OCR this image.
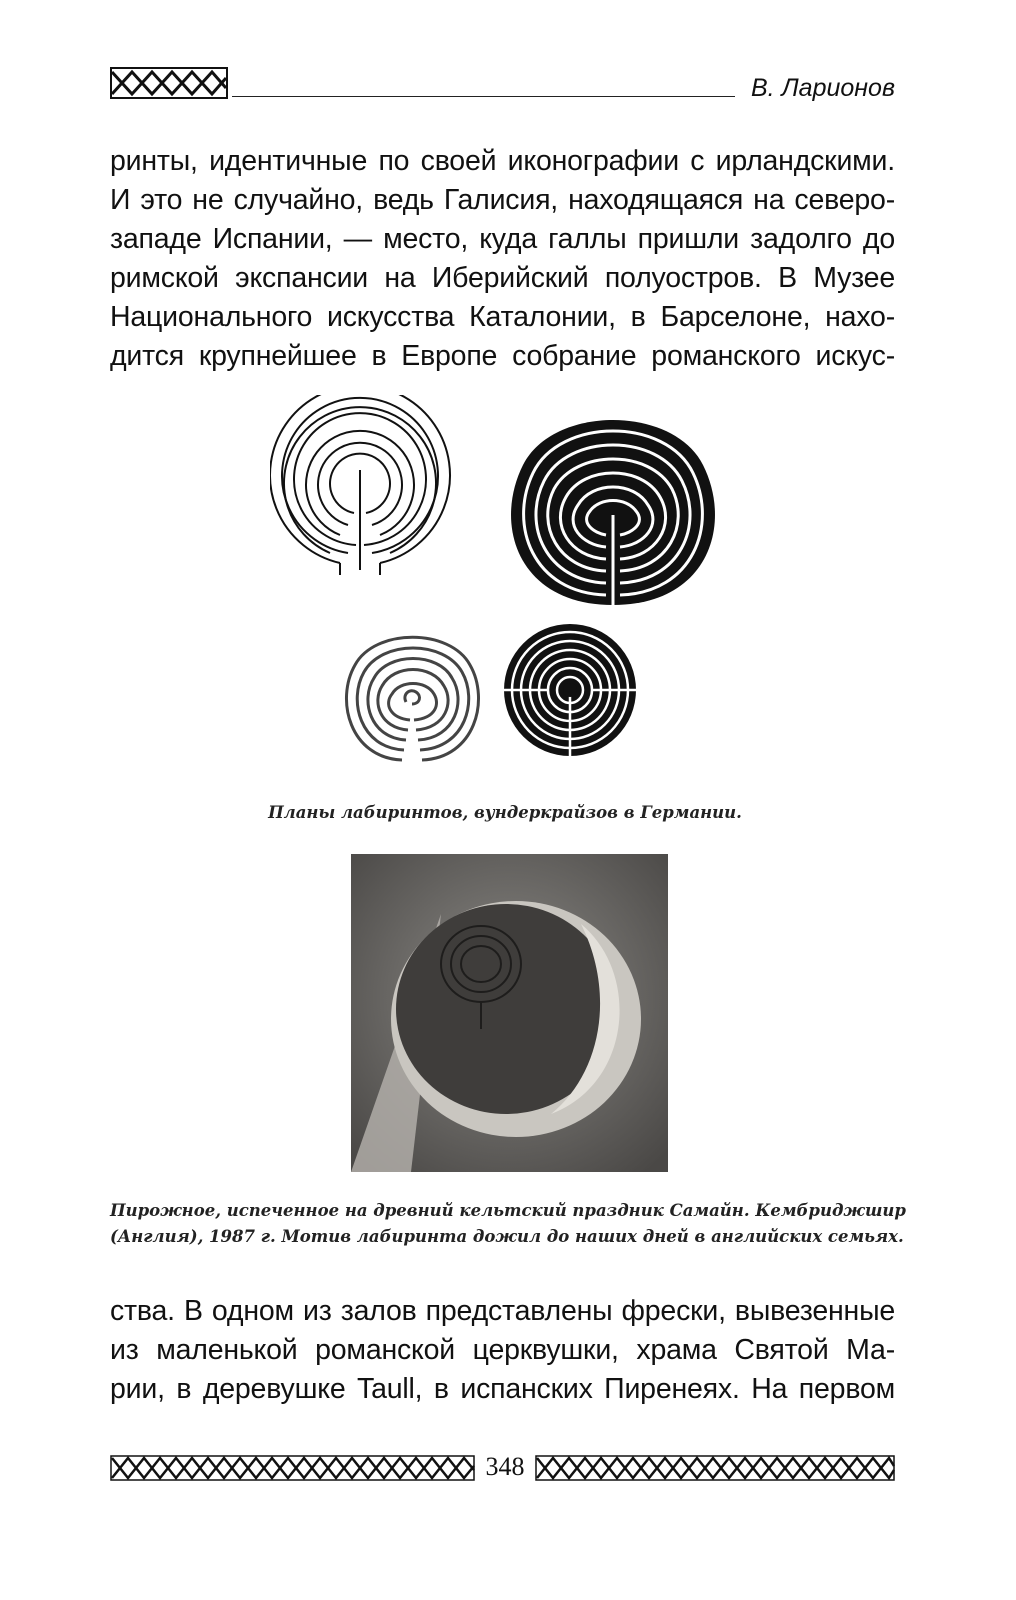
В. Ларионов
ринты, идентичные по своей иконографии с ирландскими.
И это не случайно, ведь Галисия, находящаяся на северо-
западе Испании, — место, куда галлы пришли задолго до
римской экспансии на Иберийский полуостров. В Музее
Национального искусства Каталонии, в Барселоне, нахо-
дится крупнейшее в Европе собрание романского искус-
Планы лабиринтов, вундеркрайзов в Германии.
Пирожное, испеченное на древний кельтский праздник Самайн. Кембриджшир
(Англия), 1987 г. Мотив лабиринта дожил до наших дней в английских семьях.
ства. В одном из залов представлены фрески, вывезенные
из маленькой романской церквушки, храма Святой Ма-
рии, в деревушке Taull, в испанских Пиренеях. На первом
348
